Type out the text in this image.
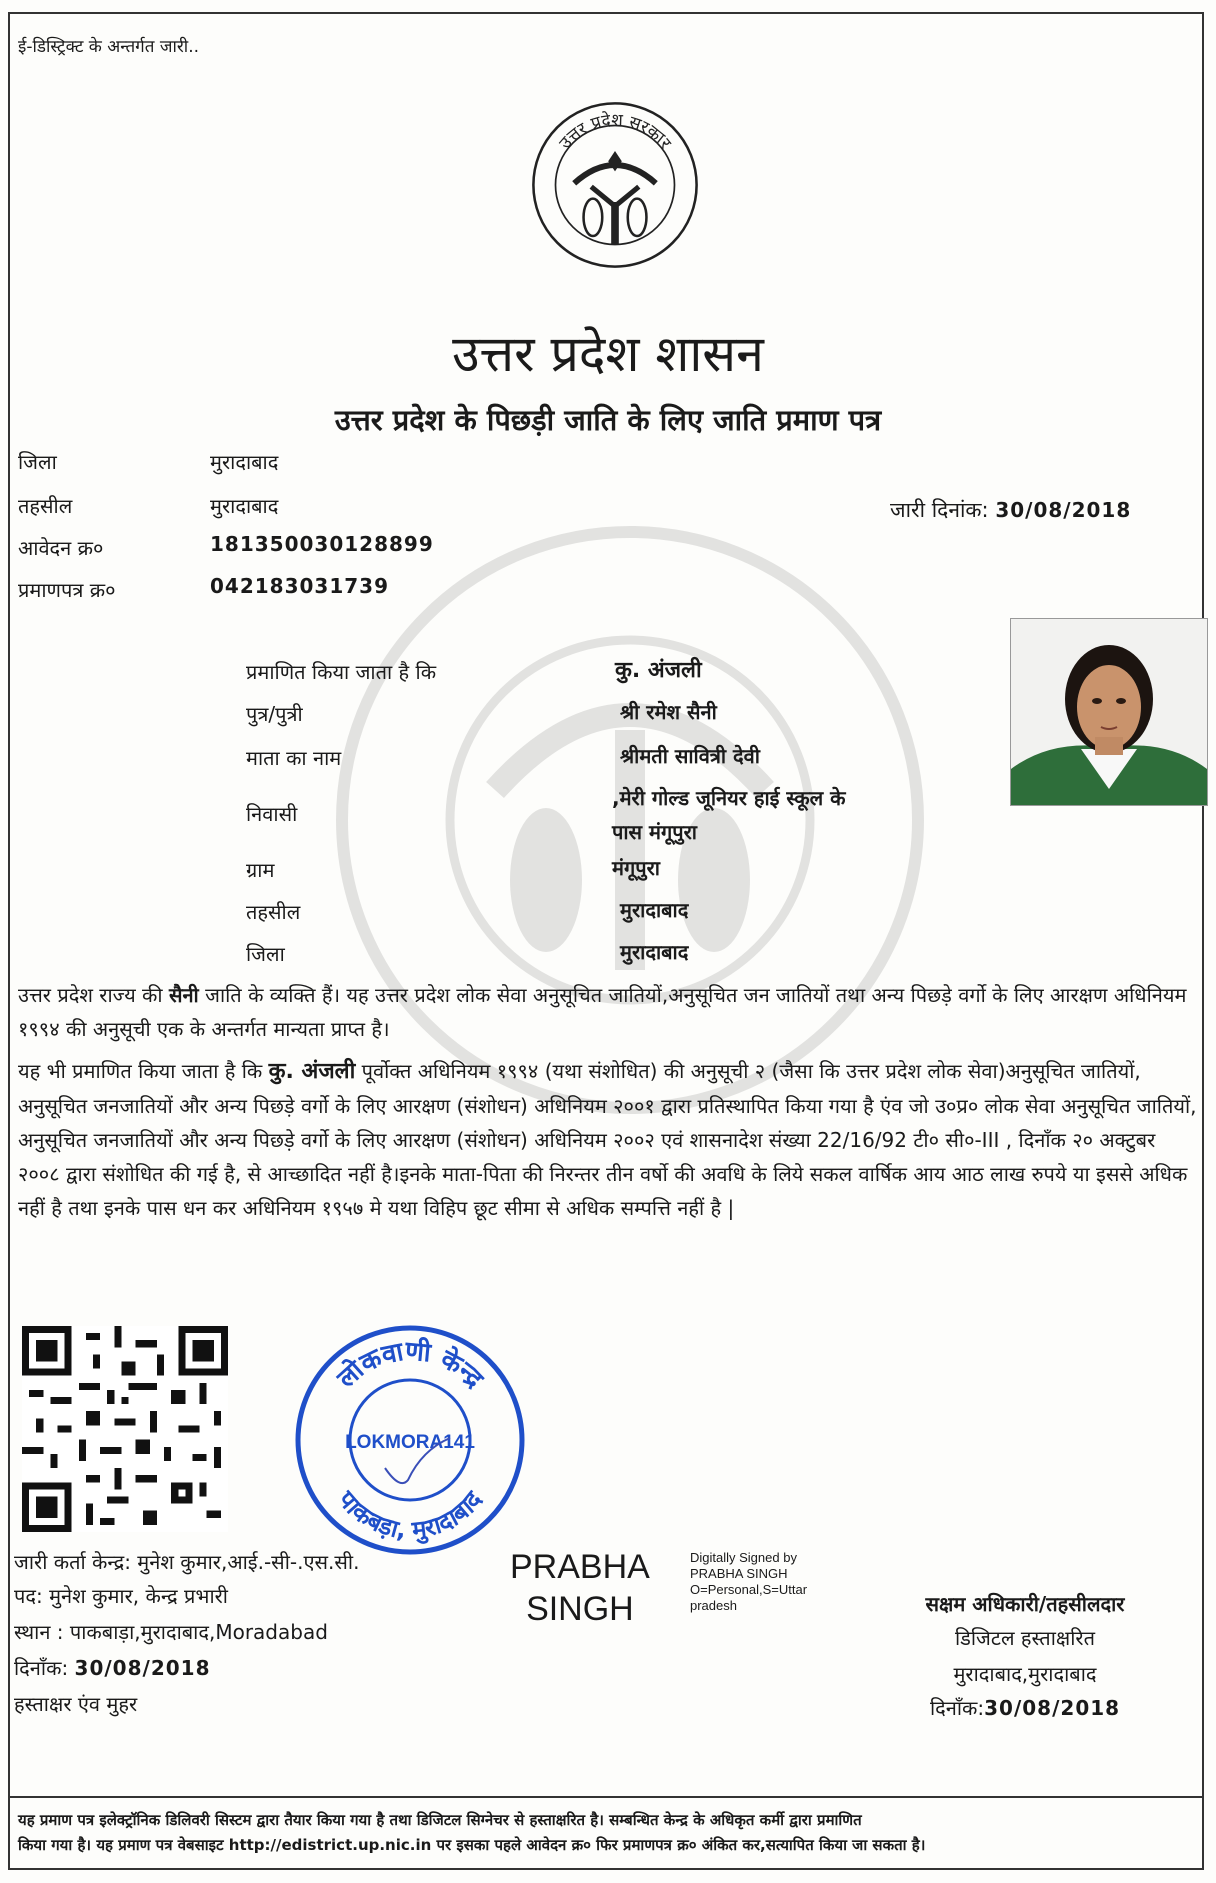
ई-डिस्ट्रिक्ट के अन्तर्गत जारी..
उत्तर प्रदेश सरकार
उत्तर प्रदेश शासन
उत्तर प्रदेश के पिछड़ी जाति के लिए जाति प्रमाण पत्र
जिला	मुरादाबाद
तहसील	मुरादाबाद
आवेदन क्र०	181350030128899
प्रमाणपत्र क्र०	042183031739
जारी दिनांक: 30/08/2018
प्रमाणित किया जाता है कि	कु. अंजली
पुत्र/पुत्री	श्री रमेश सैनी
माता का नाम	श्रीमती सावित्री देवी
निवासी
,मेरी गोल्ड जूनियर हाई स्कूल के
पास मंगूपुरा
ग्राम	मंगूपुरा
तहसील	मुरादाबाद
जिला	मुरादाबाद
उत्तर प्रदेश राज्य की सैनी जाति के व्यक्ति हैं। यह उत्तर प्रदेश लोक सेवा अनुसूचित जातियों,अनुसूचित जन जातियों तथा अन्य पिछड़े वर्गो के लिए आरक्षण अधिनियम १९९४ की अनुसूची एक के अन्तर्गत मान्यता प्राप्त है।
यह भी प्रमाणित किया जाता है कि कु. अंजली पूर्वोक्त अधिनियम १९९४ (यथा संशोधित) की अनुसूची २ (जैसा कि उत्तर प्रदेश लोक सेवा)अनुसूचित जातियों, अनुसूचित जनजातियों और अन्य पिछड़े वर्गो के लिए आरक्षण (संशोधन) अधिनियम २००१ द्वारा प्रतिस्थापित किया गया है एंव जो उ०प्र० लोक सेवा अनुसूचित जातियों, अनुसूचित जनजातियों और अन्य पिछड़े वर्गो के लिए आरक्षण (संशोधन) अधिनियम २००२ एवं शासनादेश संख्या 22/16/92 टी० सी०-III , दिनाँक २० अक्टुबर २००८ द्वारा संशोधित की गई है, से आच्छादित नहीं है।इनके माता-पिता की निरन्तर तीन वर्षो की अवधि के लिये सकल वार्षिक आय आठ लाख रुपये या इससे अधिक नहीं है तथा इनके पास धन कर अधिनियम १९५७ मे यथा विहिप छूट सीमा से अधिक सम्पत्ति नहीं है |
लोकवाणी केन्द्र
पाकबड़ा, मुरादाबाद
LOKMORA141
PRABHA
SINGH
Digitally Signed by
PRABHA SINGH
O=Personal,S=Uttar
pradesh
जारी कर्ता केन्द्र: मुनेश कुमार,आई.-सी-.एस.सी.
पद: मुनेश कुमार, केन्द्र प्रभारी
स्थान : पाकबाड़ा,मुरादाबाद,Moradabad
दिनाँक: 30/08/2018
हस्ताक्षर एंव मुहर
सक्षम अधिकारी/तहसीलदार
डिजिटल हस्ताक्षरित
मुरादाबाद,मुरादाबाद
दिनाँक:30/08/2018
यह प्रमाण पत्र इलेक्ट्रॉनिक डिलिवरी सिस्टम द्वारा तैयार किया गया है तथा डिजिटल सिग्नेचर से हस्ताक्षरित है। सम्बन्धित केन्द्र के अधिकृत कर्मी द्वारा प्रमाणित
किया गया है। यह प्रमाण पत्र वेबसाइट http://edistrict.up.nic.in पर इसका पहले आवेदन क्र० फिर प्रमाणपत्र क्र० अंकित कर,सत्यापित किया जा सकता है।
